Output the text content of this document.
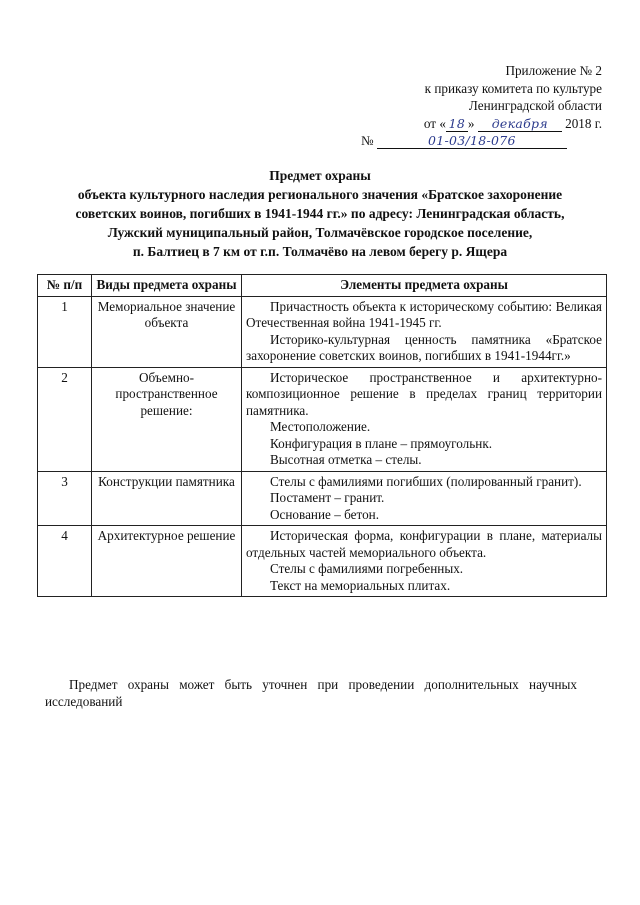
Приложение № 2
к приказу комитета по культуре
Ленинградской области
от « 18 » декабря 2018 г.
№	01-03/18-076
Предмет охраны
объекта культурного наследия регионального значения «Братское захоронение
советских воинов, погибших в 1941-1944 гг.» по адресу: Ленинградская область,
Лужский муниципальный район, Толмачёвское городское поселение,
п. Балтиец в 7 км от г.п. Толмачёво на левом берегу р. Ящера
№ п/п	Виды предмета охраны	Элементы предмета охраны
1	Мемориальное значение объекта	Причастность объекта к историческому событию: Великая Отечественная война 1941-1945 гг.

Историко-культурная ценность памятника «Братское захоронение советских воинов, погибших в 1941-1944гг.»

2	Объемно-пространственное решение:	Историческое пространственное и архитектурно-композиционное решение в пределах границ территории памятника.

Местоположение.

Конфигурация в плане – прямоугольнк.

Высотная отметка – стелы.

3	Конструкции памятника	Стелы с фамилиями погибших (полированный гранит).

Постамент – гранит.

Основание – бетон.

4	Архитектурное решение	Историческая форма, конфигурации в плане, материалы отдельных частей мемориального объекта.

Стелы с фамилиями погребенных.

Текст на мемориальных плитах.

Предмет охраны может быть уточнен при проведении дополнительных научных исследований
